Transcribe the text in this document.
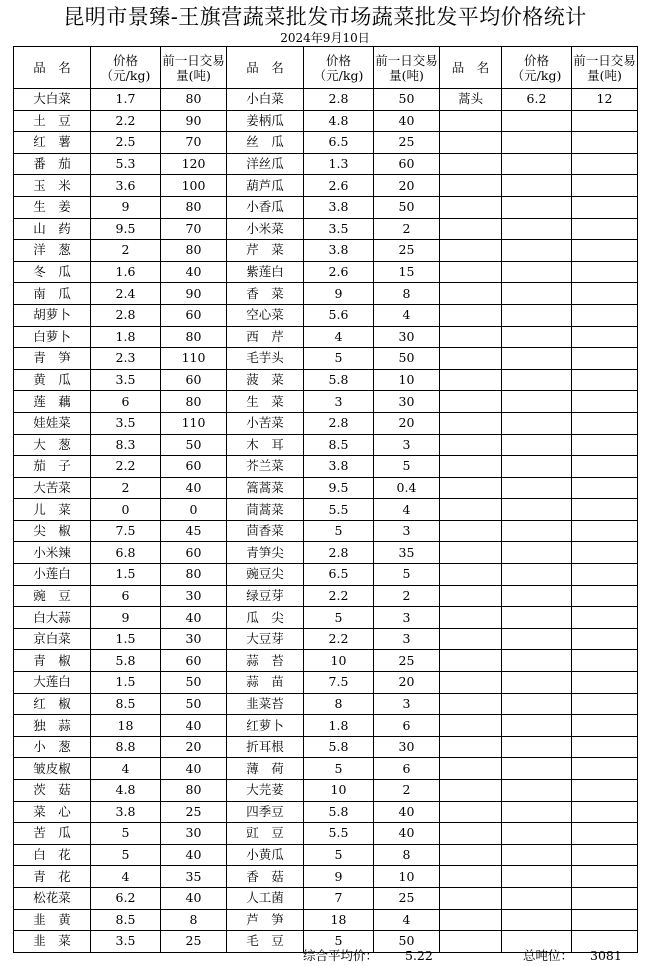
昆明市景臻-王旗营蔬菜批发市场蔬菜批发平均价格统计
2024年9月10日
品　名	价格（元/kg)	前一日交易量(吨)	品　名	价格（元/kg)	前一日交易量(吨)	品　名	价格（元/kg)	前一日交易量(吨)
大白菜	1.7	80	小白菜	2.8	50	蒿头	6.2	12
土　豆	2.2	90	姜柄瓜	4.8	40			
红　薯	2.5	70	丝　瓜	6.5	25			
番　茄	5.3	120	洋丝瓜	1.3	60			
玉　米	3.6	100	葫芦瓜	2.6	20			
生　姜	9	80	小香瓜	3.8	50			
山　药	9.5	70	小米菜	3.5	2			
洋　葱	2	80	芹　菜	3.8	25			
冬　瓜	1.6	40	紫莲白	2.6	15			
南　瓜	2.4	90	香　菜	9	8			
胡萝卜	2.8	60	空心菜	5.6	4			
白萝卜	1.8	80	西　芹	4	30			
青　笋	2.3	110	毛芋头	5	50			
黄　瓜	3.5	60	菠　菜	5.8	10			
莲　藕	6	80	生　菜	3	30			
娃娃菜	3.5	110	小苦菜	2.8	20			
大　葱	8.3	50	木　耳	8.5	3			
茄　子	2.2	60	芥兰菜	3.8	5			
大苦菜	2	40	篙蒿菜	9.5	0.4			
儿　菜	0	0	茼蒿菜	5.5	4			
尖　椒	7.5	45	茴香菜	5	3			
小米辣	6.8	60	青笋尖	2.8	35			
小莲白	1.5	80	豌豆尖	6.5	5			
豌　豆	6	30	绿豆芽	2.2	2			
白大蒜	9	40	瓜　尖	5	3			
京白菜	1.5	30	大豆芽	2.2	3			
青　椒	5.8	60	蒜　苔	10	25			
大莲白	1.5	50	蒜　苗	7.5	20			
红　椒	8.5	50	韭菜苔	8	3			
独　蒜	18	40	红萝卜	1.8	6			
小　葱	8.8	20	折耳根	5.8	30			
皱皮椒	4	40	薄　荷	5	6			
茨　菇	4.8	80	大芫荽	10	2			
菜　心	3.8	25	四季豆	5.8	40			
苦　瓜	5	30	豇　豆	5.5	40			
白　花	5	40	小黄瓜	5	8			
青　花	4	35	香　菇	9	10			
松花菜	6.2	40	人工菌	7	25			
韭　黄	8.5	8	芦　笋	18	4			
韭　菜	3.5	25	毛　豆	5	50			
综合平均价： 5.22	总吨位： 3081
